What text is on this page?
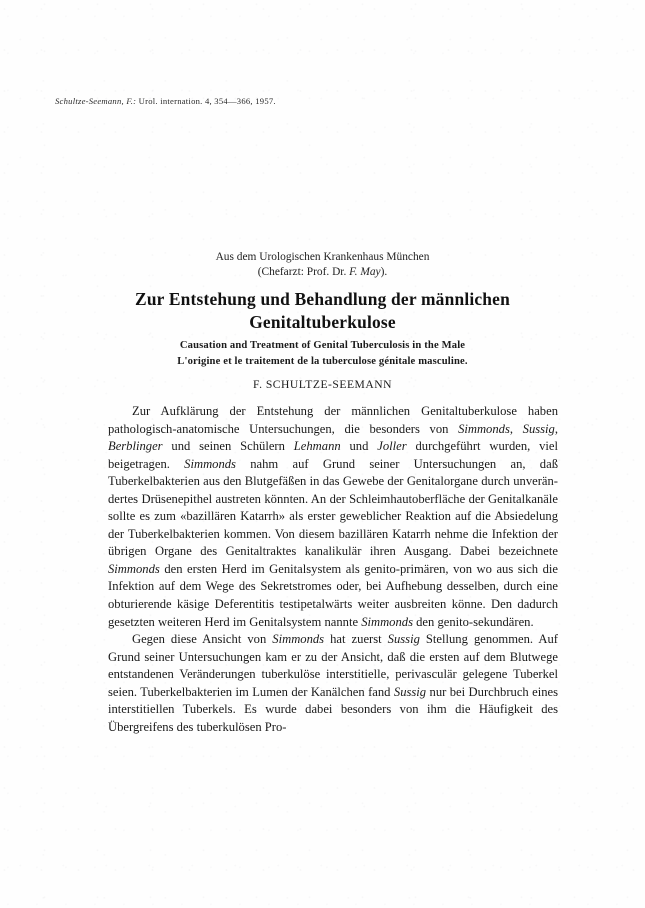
Schultze-Seemann, F.: Urol. internation. 4, 354—366, 1957.
Aus dem Urologischen Krankenhaus München
(Chefarzt: Prof. Dr. F. May).
Zur Entstehung und Behandlung der männlichen
Genitaltuberkulose
Causation and Treatment of Genital Tuberculosis in the Male
L'origine et le traitement de la tuberculose génitale masculine.
F. SCHULTZE-SEEMANN

Zur Aufklärung der Entstehung der männlichen Genitaltuberkulose haben pathologisch-anatomische Untersuchungen, die besonders von Simmonds, Sussig, Berblinger und seinen Schülern Lehmann und Joller durchgeführt wurden, viel beigetragen. Simmonds nahm auf Grund seiner Untersuchungen an, daß Tuberkelbakterien aus den Blutgefäßen in das Gewebe der Genitalorgane durch unverändertes Drüsenepithel austreten könnten. An der Schleimhautoberfläche der Genitalkanäle sollte es zum «bazillären Katarrh» als erster geweblicher Reaktion auf die Absiedelung der Tuberkelbakterien kommen. Von diesem bazillären Katarrh nehme die Infektion der übrigen Organe des Genitaltraktes kanalikulär ihren Ausgang. Dabei bezeichnete Simmonds den ersten Herd im Genitalsystem als genito-primären, von wo aus sich die Infektion auf dem Wege des Sekretstromes oder, bei Aufhebung desselben, durch eine obturierende käsige Deferentitis testipetalwärts weiter ausbreiten könne. Den dadurch gesetzten weiteren Herd im Genitalsystem nannte Simmonds den genito-sekundären.

Gegen diese Ansicht von Simmonds hat zuerst Sussig Stellung genommen. Auf Grund seiner Untersuchungen kam er zu der Ansicht, daß die ersten auf dem Blutwege entstandenen Veränderungen tuberkulöse interstitielle, perivasculär gelegene Tuberkel seien. Tuberkelbakterien im Lumen der Kanälchen fand Sussig nur bei Durchbruch eines interstitiellen Tuberkels. Es wurde dabei besonders von ihm die Häufigkeit des Übergreifens des tuberkulösen Pro-
